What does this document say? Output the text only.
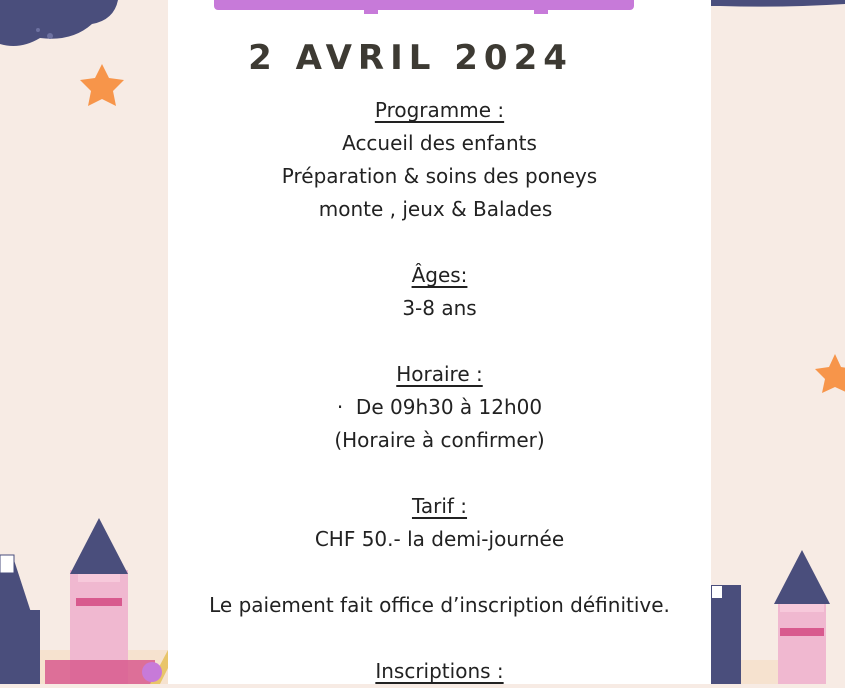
2 AVRIL 2024
Programme :
Accueil des enfants
Préparation & soins des poneys
monte , jeux & Balades
Âges:
3-8 ans
Horaire :
·  De 09h30 à 12h00
(Horaire à confirmer)
Tarif :
CHF 50.- la demi-journée
Le paiement fait office d’inscription définitive.
Inscriptions :
